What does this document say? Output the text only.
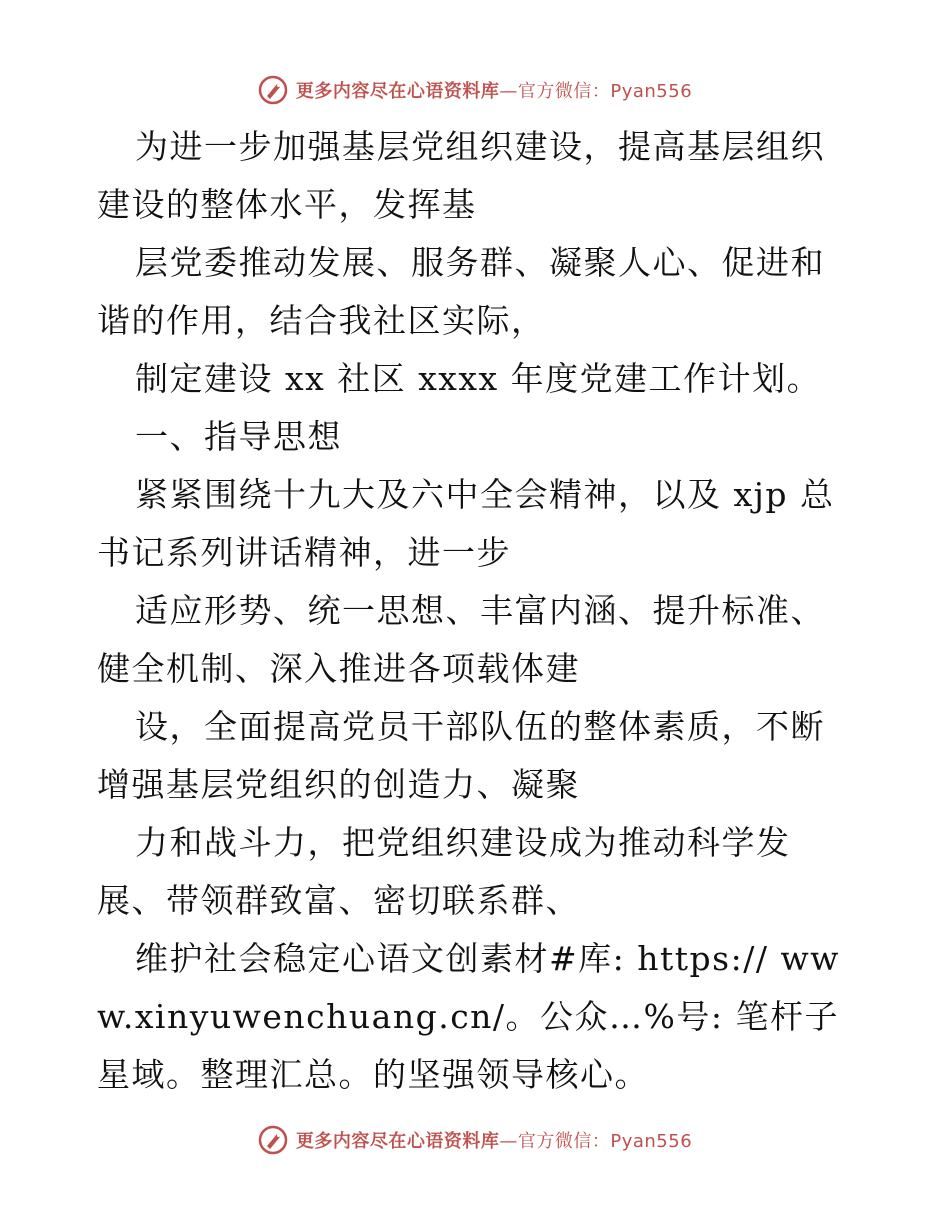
更多内容尽在心语资料库—官方微信：Pyan556

为进一步加强基层党组织建设，提高基层组织建设的整体水平，发挥基

层党委推动发展、服务群、凝聚人心、促进和谐的作用，结合我社区实际，

制定建设 xx 社区 xxxx 年度党建工作计划。

一、指导思想

紧紧围绕十九大及六中全会精神，以及 xjp 总书记系列讲话精神，进一步

适应形势、统一思想、丰富内涵、提升标准、健全机制、深入推进各项载体建

设，全面提高党员干部队伍的整体素质，不断增强基层党组织的创造力、凝聚

力和战斗力，把党组织建设成为推动科学发展、带领群致富、密切联系群、

维护社会稳定心语文创素材#库: https:// www.xinyuwenchuang.cn/。公众…%号: 笔杆子星域。整理汇总。的坚强领导核心。

更多内容尽在心语资料库—官方微信：Pyan556
